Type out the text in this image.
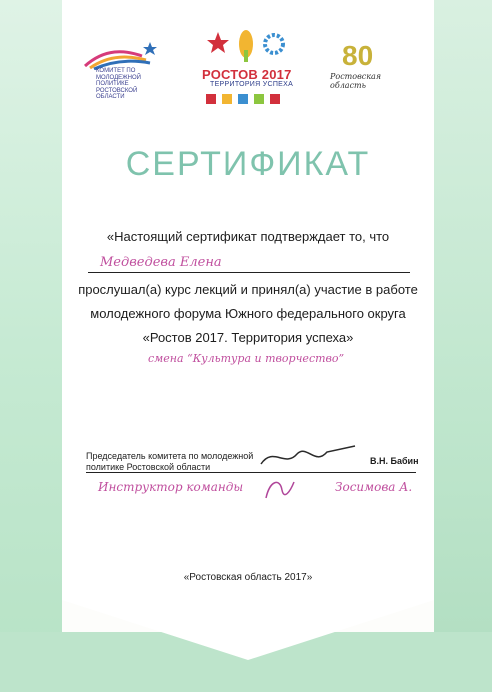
КОМИТЕТ ПО МОЛОДЕЖНОЙ ПОЛИТИКЕ РОСТОВСКОЙ ОБЛАСТИ
РОСТОВ 2017
ТЕРРИТОРИЯ УСПЕХА
80
Ростовская область
СЕРТИФИКАТ
«Настоящий сертификат подтверждает то, что
Медведева Елена
прослушал(а) курс лекций и принял(а) участие в работе
молодежного форума Южного федерального округа
«Ростов 2017. Территория успеха»
смена “Культура и творчество”
Председатель комитета по молодежной
политике Ростовской области
В.Н. Бабин
Инструктор команды	Зосимова А.
«Ростовская область 2017»
